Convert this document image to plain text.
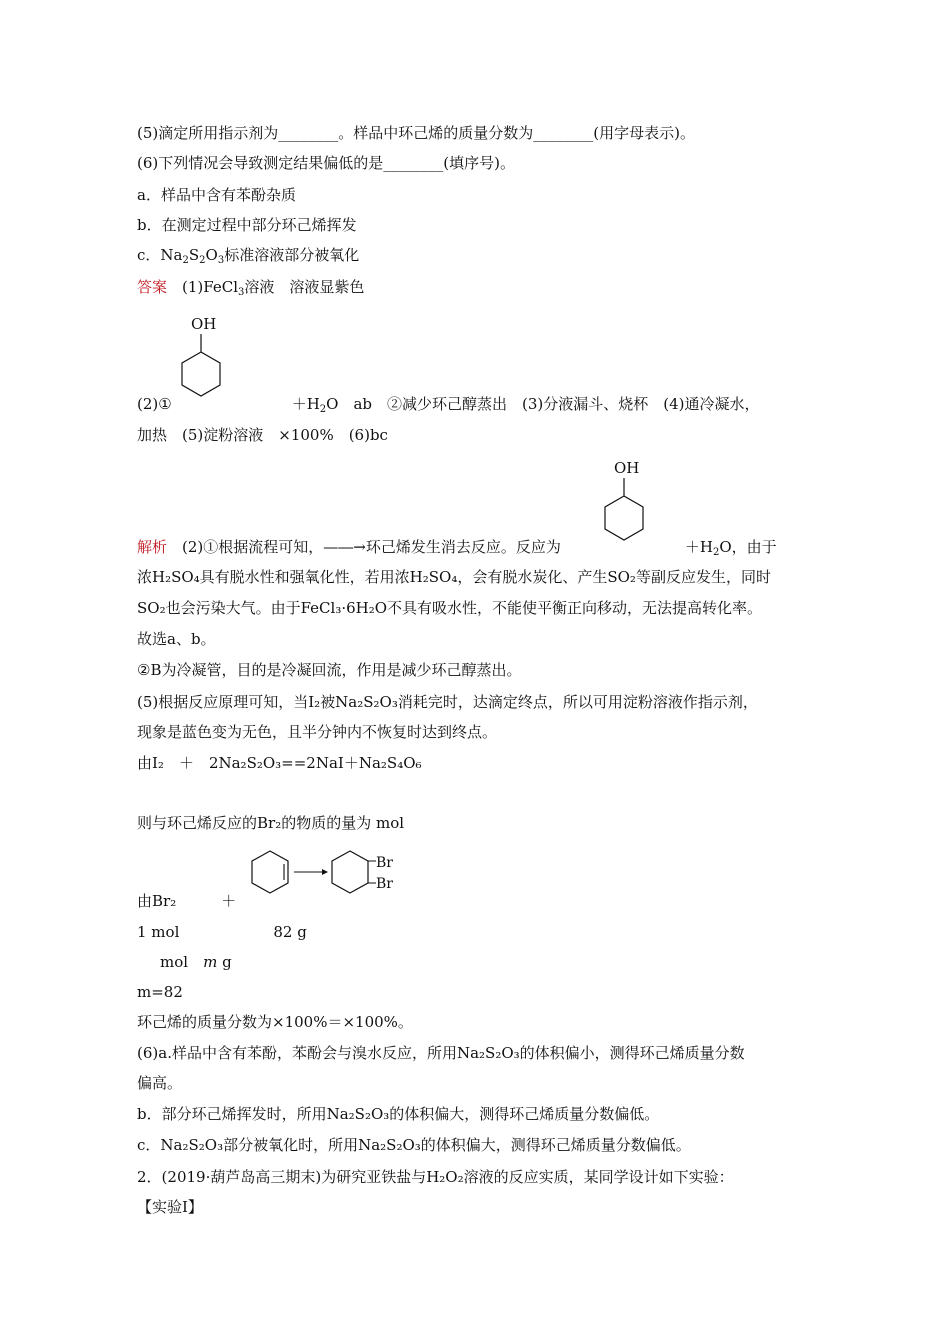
(5)滴定所用指示剂为________。样品中环己烯的质量分数为________(用字母表示)。
(6)下列情况会导致测定结果偏低的是________(填序号)。
a．样品中含有苯酚杂质
b．在测定过程中部分环己烯挥发
c．$Na_2S_2O_3$标准溶液部分被氧化
答案　 (1)FeCl$_3$溶液　溶液显紫色
OH
(2)①	$+H_2O$　ab　②减少环己醇蒸出　(3)分液漏斗、烧杯　(4)通冷凝水，
加热　(5)淀粉溶液　×100%　(6)bc
OH
解析　 (2)①根据流程可知，—―→环己烯发生消去反应。反应为	$+H_2O$，由于
浓H₂SO₄具有脱水性和强氧化性，若用浓H₂SO₄，会有脱水炭化、产生SO₂等副反应发生，同时
SO₂也会污染大气。由于FeCl₃·6H₂O不具有吸水性，不能使平衡正向移动，无法提高转化率。
故选a、b。
②B为冷凝管，目的是冷凝回流，作用是减少环己醇蒸出。
(5)根据反应原理可知，当I₂被Na₂S₂O₃消耗完时，达滴定终点，所以可用淀粉溶液作指示剂，
现象是蓝色变为无色，且半分钟内不恢复时达到终点。
由I₂　＋　2Na₂S₂O₃==2NaI＋Na₂S₄O₆
则与环己烯反应的Br₂的物质的量为 mol
Br
Br
由Br₂　　　＋
1 mol	82 g
mol　 m g
m=82
环己烯的质量分数为×100%＝×100%。
(6)a.样品中含有苯酚，苯酚会与溴水反应，所用Na₂S₂O₃的体积偏小，测得环己烯质量分数
偏高。
b．部分环己烯挥发时，所用Na₂S₂O₃的体积偏大，测得环己烯质量分数偏低。
c．Na₂S₂O₃部分被氧化时，所用Na₂S₂O₃的体积偏大，测得环己烯质量分数偏低。
2．(2019·葫芦岛高三期末)为研究亚铁盐与H₂O₂溶液的反应实质，某同学设计如下实验：
【实验Ⅰ】
